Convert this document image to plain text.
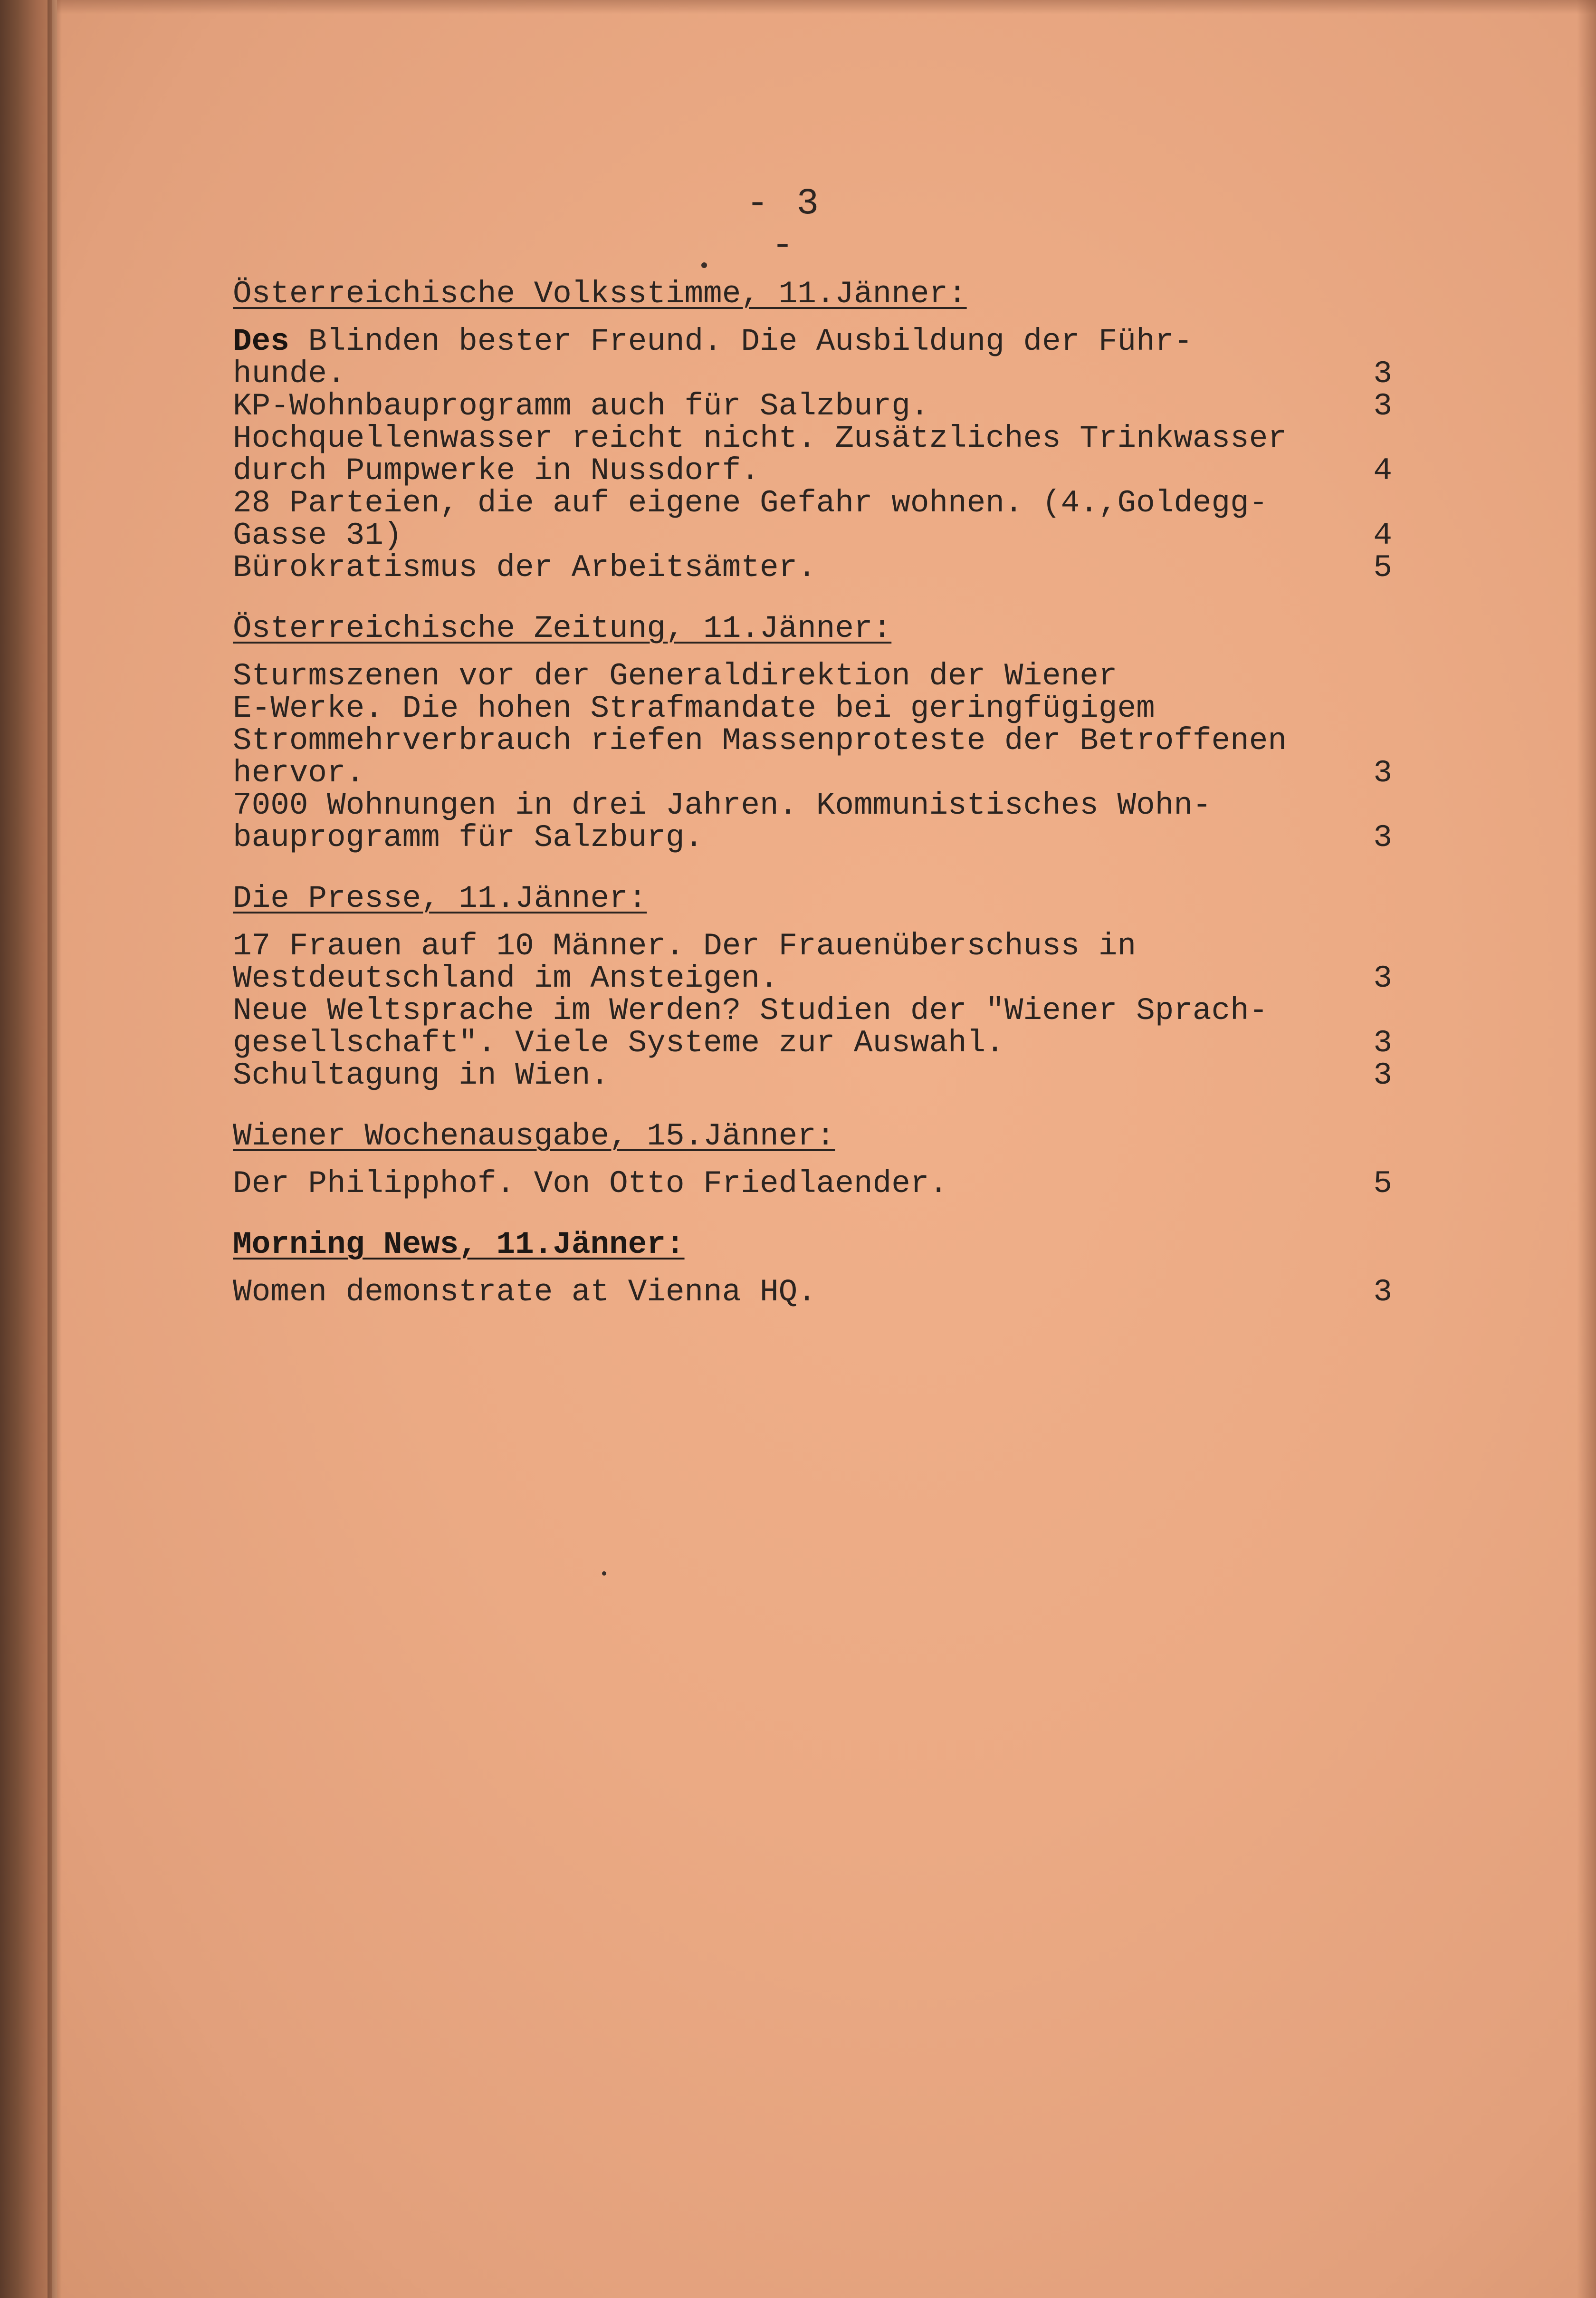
- 3 -
Österreichische Volksstimme, 11.Jänner:
Des Blinden bester Freund. Die Ausbildung der Führ-
hunde.	3
KP-Wohnbauprogramm auch für Salzburg.	3
Hochquellenwasser reicht nicht. Zusätzliches Trinkwasser
durch Pumpwerke in Nussdorf.	4
28 Parteien, die auf eigene Gefahr wohnen. (4.,Goldegg-
Gasse 31)	4
Bürokratismus der Arbeitsämter.	5
Österreichische Zeitung, 11.Jänner:
Sturmszenen vor der Generaldirektion der Wiener
E-Werke. Die hohen Strafmandate bei geringfügigem
Strommehrverbrauch riefen Massenproteste der Betroffenen
hervor.	3
7000 Wohnungen in drei Jahren. Kommunistisches Wohn-
bauprogramm für Salzburg.	3
Die Presse, 11.Jänner:
17 Frauen auf 10 Männer. Der Frauenüberschuss in
Westdeutschland im Ansteigen.	3
Neue Weltsprache im Werden? Studien der "Wiener Sprach-
gesellschaft". Viele Systeme zur Auswahl.	3
Schultagung in Wien.	3
Wiener Wochenausgabe, 15.Jänner:
Der Philipphof. Von Otto Friedlaender.	5
Morning News, 11.Jänner:
Women demonstrate at Vienna HQ.	3
